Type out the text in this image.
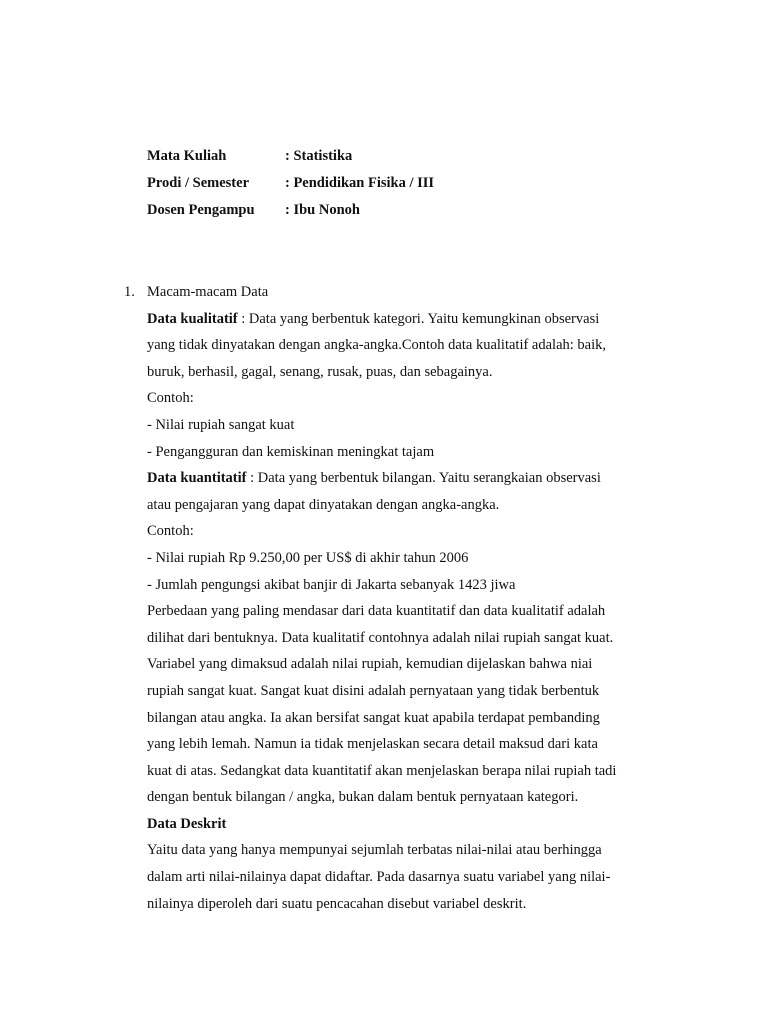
Mata Kuliah	: Statistika
Prodi / Semester : Pendidikan Fisika / III
Dosen Pengampu : Ibu Nonoh
1. Macam-macam Data

Data kualitatif : Data yang berbentuk kategori. Yaitu kemungkinan observasi

yang tidak dinyatakan dengan angka-angka.Contoh data kualitatif adalah: baik,

buruk, berhasil, gagal, senang, rusak, puas, dan sebagainya.

Contoh:

- Nilai rupiah sangat kuat

- Pengangguran dan kemiskinan meningkat tajam

Data kuantitatif : Data yang berbentuk bilangan. Yaitu serangkaian observasi

atau pengajaran yang dapat dinyatakan dengan angka-angka.

Contoh:

- Nilai rupiah Rp 9.250,00 per US$ di akhir tahun 2006

- Jumlah pengungsi akibat banjir di Jakarta sebanyak 1423 jiwa

Perbedaan yang paling mendasar dari data kuantitatif dan data kualitatif adalah

dilihat dari bentuknya. Data kualitatif contohnya adalah nilai rupiah sangat kuat.

Variabel yang dimaksud adalah nilai rupiah, kemudian dijelaskan bahwa niai

rupiah sangat kuat. Sangat kuat disini adalah pernyataan yang tidak berbentuk

bilangan atau angka. Ia akan bersifat sangat kuat apabila terdapat pembanding

yang lebih lemah. Namun ia tidak menjelaskan secara detail maksud dari kata

kuat di atas. Sedangkat data kuantitatif akan menjelaskan berapa nilai rupiah tadi

dengan bentuk bilangan / angka, bukan dalam bentuk pernyataan kategori.

Data Deskrit

Yaitu data yang hanya mempunyai sejumlah terbatas nilai-nilai atau berhingga

dalam arti nilai-nilainya dapat didaftar. Pada dasarnya suatu variabel yang nilai-

nilainya diperoleh dari suatu pencacahan disebut variabel deskrit.
